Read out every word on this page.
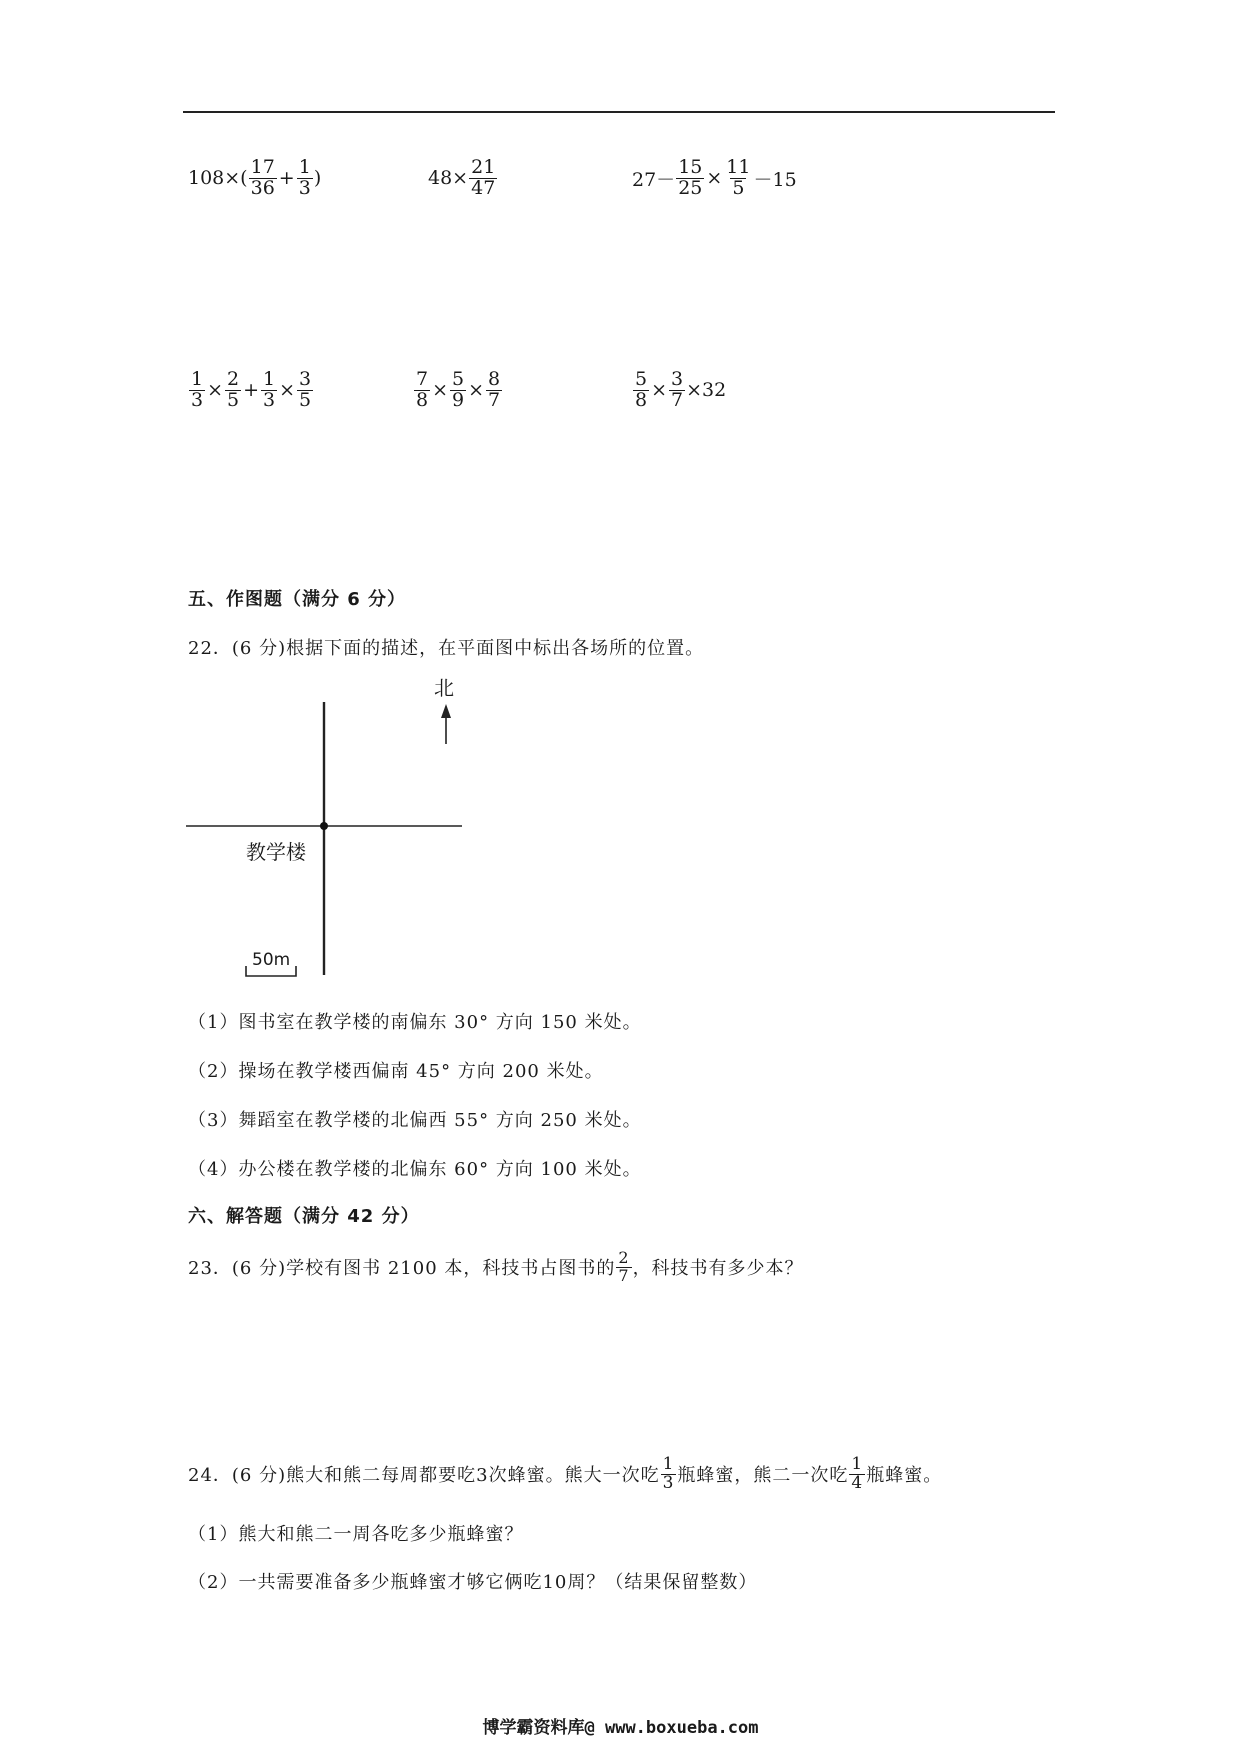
$108\times( \frac{17}{36} + \frac{1}{3}$ )	$48\times \frac{21}{47}$	$27- \frac{15}{25} \times \frac{11}{5} -15$
$\frac{1}{3} \times \frac{2}{5} + \frac{1}{3} \times \frac{3}{5}$	$\frac{7}{8} \times \frac{5}{9} \times \frac{8}{7}$	$\frac{5}{8} \times \frac{3}{7} \times 32$
五、作图题（满分 6 分）
22．(6 分)根据下面的描述，在平面图中标出各场所的位置。
北
教学楼
50m
（1）图书室在教学楼的南偏东 30° 方向 150 米处。
（2）操场在教学楼西偏南 45° 方向 200 米处。
（3）舞蹈室在教学楼的北偏西 55° 方向 250 米处。
（4）办公楼在教学楼的北偏东 60° 方向 100 米处。
六、解答题（满分 42 分）
23．(6 分)学校有图书 2100 本，科技书占图书的 $\frac{2}{7}$ ，科技书有多少本？
24．(6 分)熊大和熊二每周都要吃3次蜂蜜。熊大一次吃 $\frac{1}{3}$ 瓶蜂蜜，熊二一次吃 $\frac{1}{4}$ 瓶蜂蜜。
（1）熊大和熊二一周各吃多少瓶蜂蜜？
（2）一共需要准备多少瓶蜂蜜才够它俩吃10周？（结果保留整数）
博学霸资料库@ www.boxueba.com
